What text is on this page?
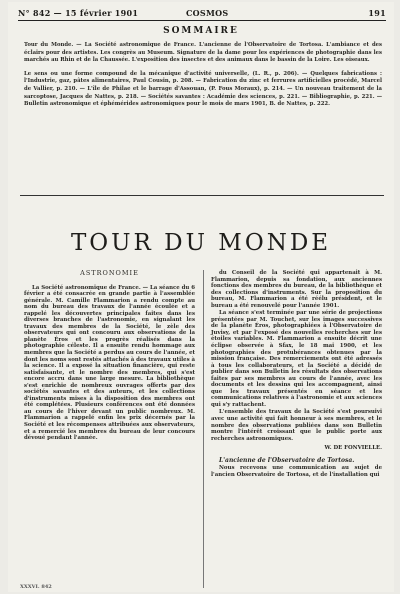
N° 842 — 15 février 1901	COSMOS	191
SOMMAIRE

Tour du Monde. — La Société astronomique de France. L'ancienne de l'Observatoire de Tortosa. L'ambiance et des éclairs pour des artistes. Les congrès au Museum. Signature de la dame pour les expériences de photographie dans les marchés au Rhin et de la Chaussée. L'exposition des insectes et des animaux dans le bassin de la Loire. Les oiseaux.

Le sens ou une forme compound de la mécanique d'activité universelle, (L. R., p. 206). — Quelques fabrications : l'Industrie, gaz, pâtes alimentaires, Paul Cousin, p. 208. — Fabrication du zinc et ferrures artificielles procédé, Marcel de Vallier, p. 210. — L'île de Philae et le barrage d'Assouan, (P. Fous Moraux), p. 214. — Un nouveau traitement de la sarcoptose, Jacques de Nattes, p. 218. — Sociétés savantes : Académie des sciences, p. 221. — Bibliographie, p. 221. — Bulletin astronomique et éphémérides astronomiques pour le mois de mars 1901, B. de Nattes, p. 222.

TOUR DU MONDE
ASTRONOMIE

La Société astronomique de France. — La séance du 6 février a été consacrée en grande partie à l'assemblée générale. M. Camille Flammarion a rendu compte au nom du bureau des travaux de l'année écoulée et a rappelé les découvertes principales faites dans les diverses branches de l'astronomie, en signalant les travaux des membres de la Société, le zèle des observateurs qui ont concouru aux observations de la planète Éros et les progrès réalisés dans la photographie céleste. Il a ensuite rendu hommage aux membres que la Société a perdus au cours de l'année, et dont les noms sont restés attachés à des travaux utiles à la science. Il a exposé la situation financière, qui reste satisfaisante, et le nombre des membres, qui s'est encore accru dans une large mesure. La bibliothèque s'est enrichie de nombreux ouvrages offerts par des sociétés savantes et des auteurs, et les collections d'instruments mises à la disposition des membres ont été complétées. Plusieurs conférences ont été données au cours de l'hiver devant un public nombreux. M. Flammarion a rappelé enfin les prix décernés par la Société et les récompenses attribuées aux observateurs, et a remercié les membres du bureau de leur concours dévoué pendant l'année.

du Conseil de la Société qui appartenait à M. Flammarion, depuis sa fondation, aux anciennes fonctions des membres du bureau, de la bibliothèque et des collections d'instruments. Sur la proposition du bureau, M. Flammarion a été réélu président, et le bureau a été renouvelé pour l'année 1901.

La séance s'est terminée par une série de projections présentées par M. Touchet, sur les images successives de la planète Éros, photographiées à l'Observatoire de Juvisy, et par l'exposé des nouvelles recherches sur les étoiles variables. M. Flammarion a ensuite décrit une éclipse observée à Sfax, le 18 mai 1900, et les photographies des protubérances obtenues par la mission française. Des remerciements ont été adressés à tous les collaborateurs, et la Société a décidé de publier dans son Bulletin les résultats des observations faites par ses membres au cours de l'année, avec les documents et les dessins qui les accompagnent, ainsi que les travaux présentés en séance et les communications relatives à l'astronomie et aux sciences qui s'y rattachent.

L'ensemble des travaux de la Société s'est poursuivi avec une activité qui fait honneur à ses membres, et le nombre des observations publiées dans son Bulletin montre l'intérêt croissant que le public porte aux recherches astronomiques.

W. DE FONVIELLE.

L'ancienne de l'Observatoire de Tortosa.

Nous recevons une communication au sujet de l'ancien Observatoire de Tortosa, et de l'installation qui

XXXVI. 842
